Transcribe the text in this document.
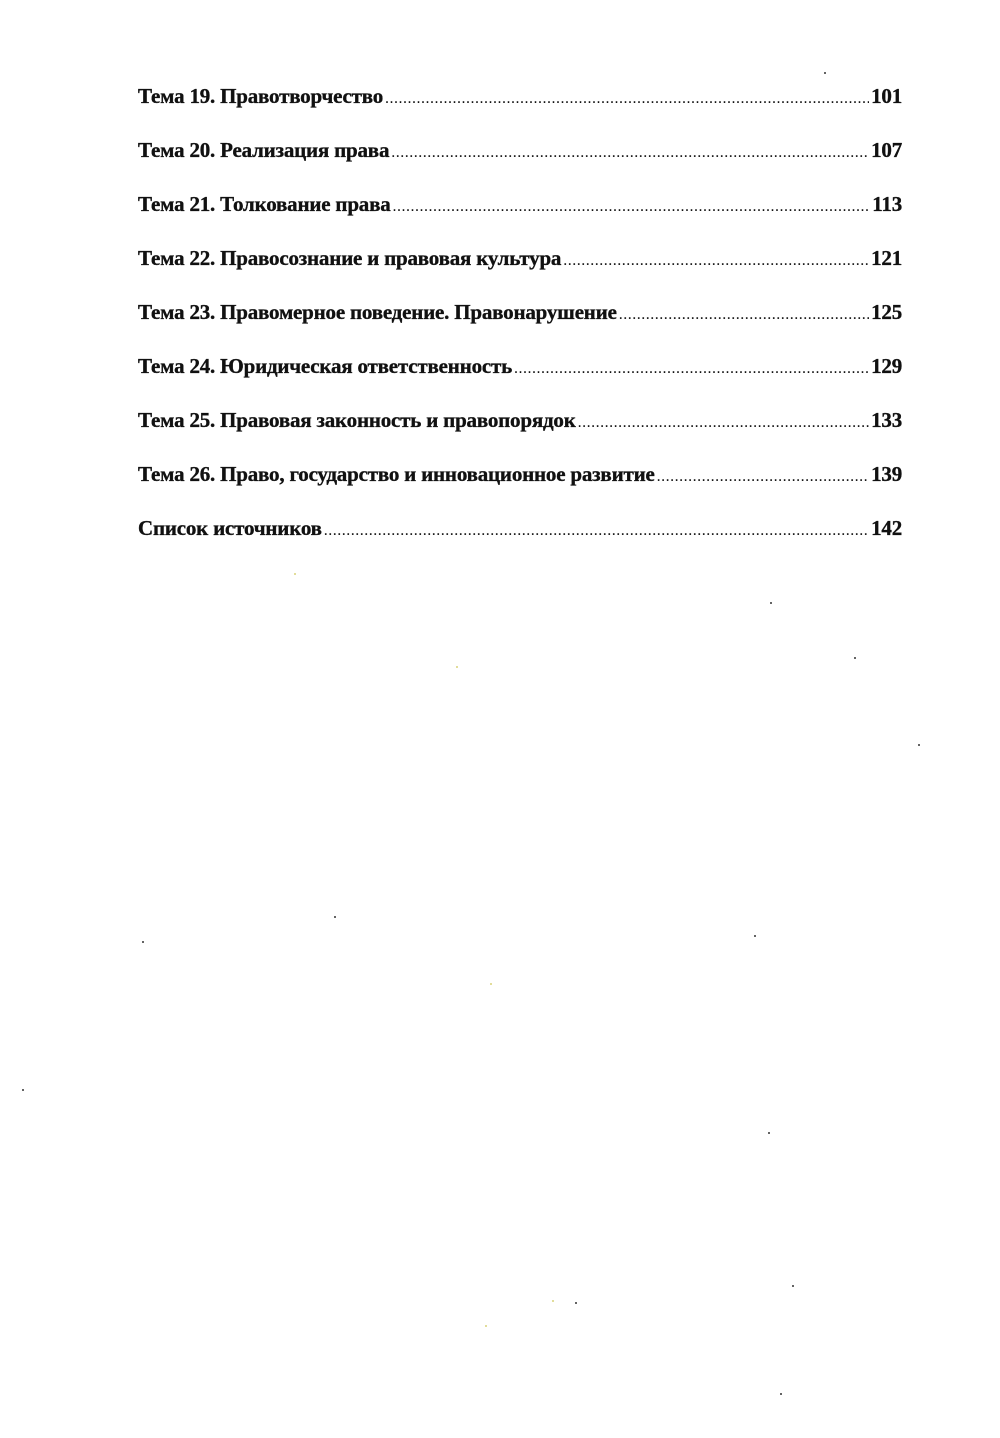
Тема 19. Правотворчество .....	101
Тема 20. Реализация права .....	107
Тема 21. Толкование права .....	113
Тема 22. Правосознание и правовая культура .....	121
Тема 23. Правомерное поведение. Правонарушение .....	125
Тема 24. Юридическая ответственность .....	129
Тема 25. Правовая законность и правопорядок .....	133
Тема 26. Право, государство и инновационное развитие .....	139
Список источников .....	142
